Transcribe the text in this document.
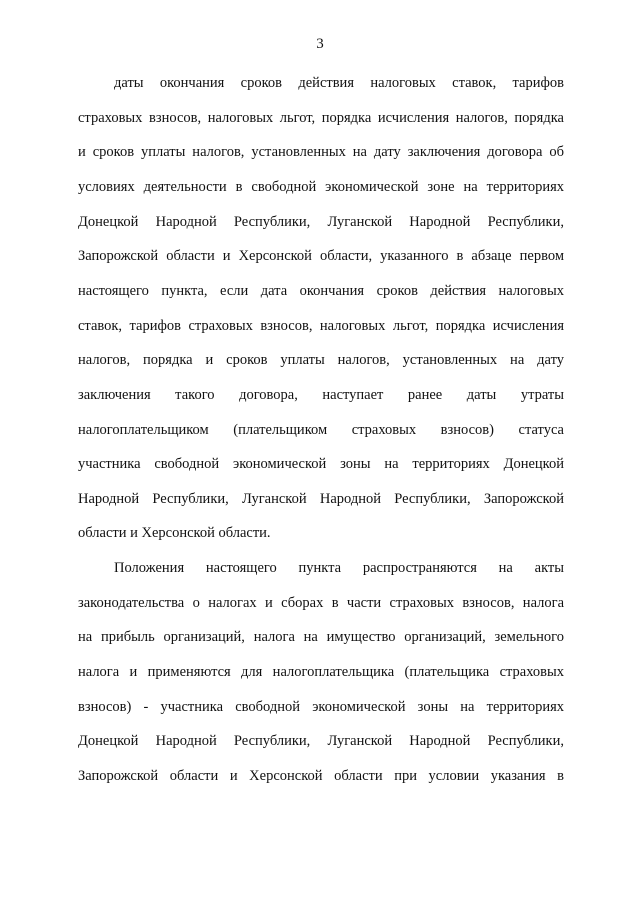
3
даты окончания сроков действия налоговых ставок, тарифов
страховых взносов, налоговых льгот, порядка исчисления налогов, порядка
и сроков уплаты налогов, установленных на дату заключения договора об
условиях деятельности в свободной экономической зоне на территориях
Донецкой Народной Республики, Луганской Народной Республики,
Запорожской области и Херсонской области, указанного в абзаце первом
настоящего пункта, если дата окончания сроков действия налоговых
ставок, тарифов страховых взносов, налоговых льгот, порядка исчисления
налогов, порядка и сроков уплаты налогов, установленных на дату
заключения такого договора, наступает ранее даты утраты
налогоплательщиком (плательщиком страховых взносов) статуса
участника свободной экономической зоны на территориях Донецкой
Народной Республики, Луганской Народной Республики, Запорожской
области и Херсонской области.
Положения настоящего пункта распространяются на акты
законодательства о налогах и сборах в части страховых взносов, налога
на прибыль организаций, налога на имущество организаций, земельного
налога и применяются для налогоплательщика (плательщика страховых
взносов) - участника свободной экономической зоны на территориях
Донецкой Народной Республики, Луганской Народной Республики,
Запорожской области и Херсонской области при условии указания в
